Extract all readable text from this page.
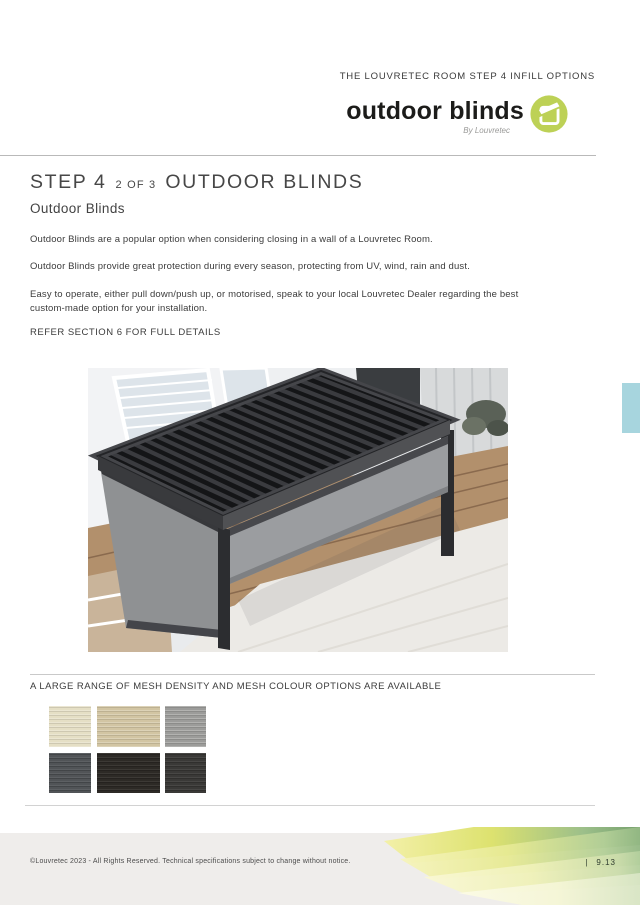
THE LOUVRETEC ROOM STEP 4 INFILL OPTIONS
outdoor blinds
By Louvretec
STEP 4 2 OF 3 OUTDOOR BLINDS
Outdoor Blinds

Outdoor Blinds are a popular option when considering closing in a wall of a Louvretec Room.

Outdoor Blinds provide great protection during every season, protecting from UV, wind, rain and dust.

Easy to operate, either pull down/push up, or motorised, speak to your local Louvretec Dealer regarding the best custom-made option for your installation.

REFER SECTION 6 FOR FULL DETAILS
A LARGE RANGE OF MESH DENSITY AND MESH COLOUR OPTIONS ARE AVAILABLE
©Louvretec 2023 - All Rights Reserved. Technical specifications subject to change without notice.	| 9.13
